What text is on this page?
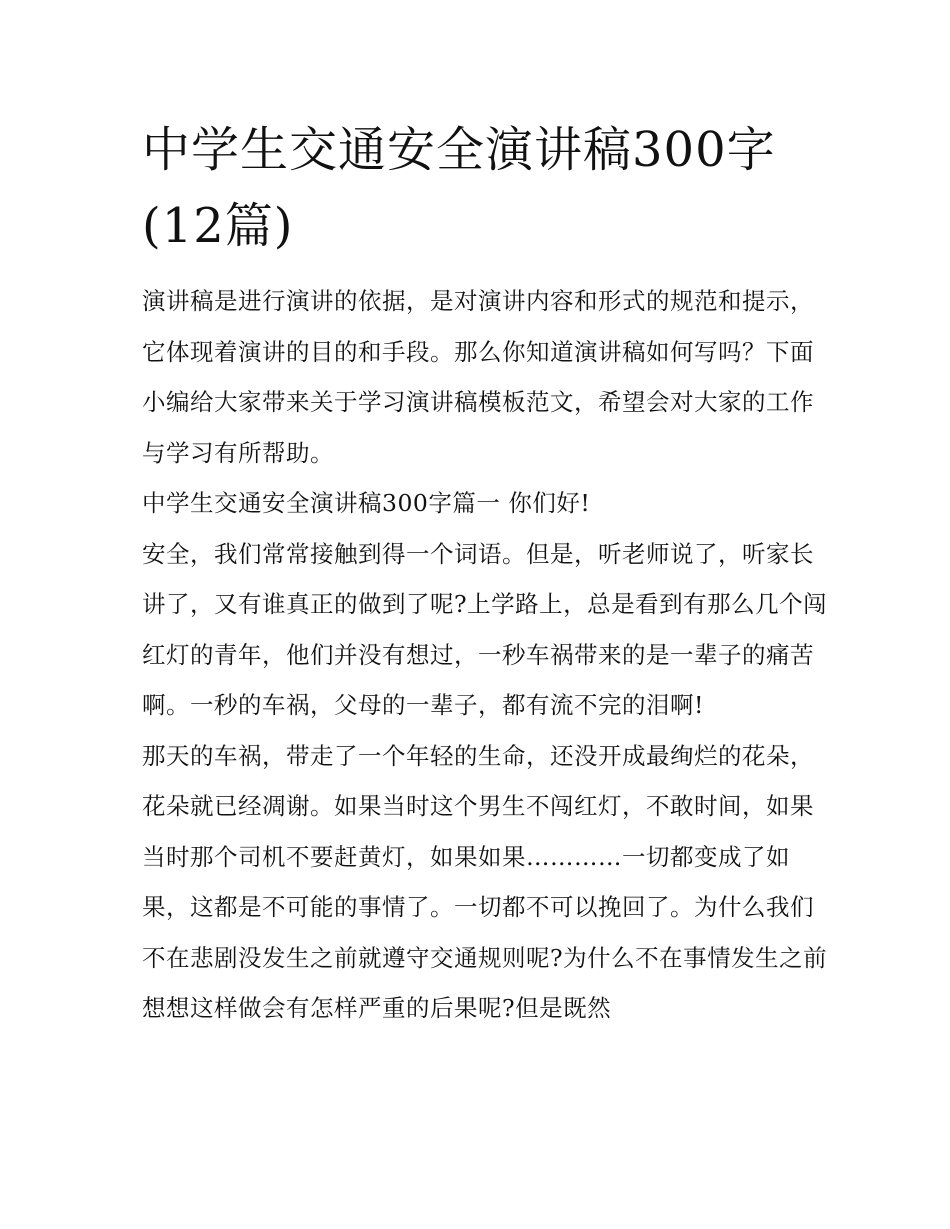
中学生交通安全演讲稿300字(12篇)

演讲稿是进行演讲的依据，是对演讲内容和形式的规范和提示，它体现着演讲的目的和手段。那么你知道演讲稿如何写吗？下面小编给大家带来关于学习演讲稿模板范文，希望会对大家的工作与学习有所帮助。

中学生交通安全演讲稿300字篇一 你们好!

安全，我们常常接触到得一个词语。但是，听老师说了，听家长讲了，又有谁真正的做到了呢?上学路上，总是看到有那么几个闯红灯的青年，他们并没有想过，一秒车祸带来的是一辈子的痛苦啊。一秒的车祸，父母的一辈子，都有流不完的泪啊!

那天的车祸，带走了一个年轻的生命，还没开成最绚烂的花朵，花朵就已经凋谢。如果当时这个男生不闯红灯，不敢时间，如果当时那个司机不要赶黄灯，如果如果…………一切都变成了如果，这都是不可能的事情了。一切都不可以挽回了。为什么我们不在悲剧没发生之前就遵守交通规则呢?为什么不在事情发生之前想想这样做会有怎样严重的后果呢?但是既然
